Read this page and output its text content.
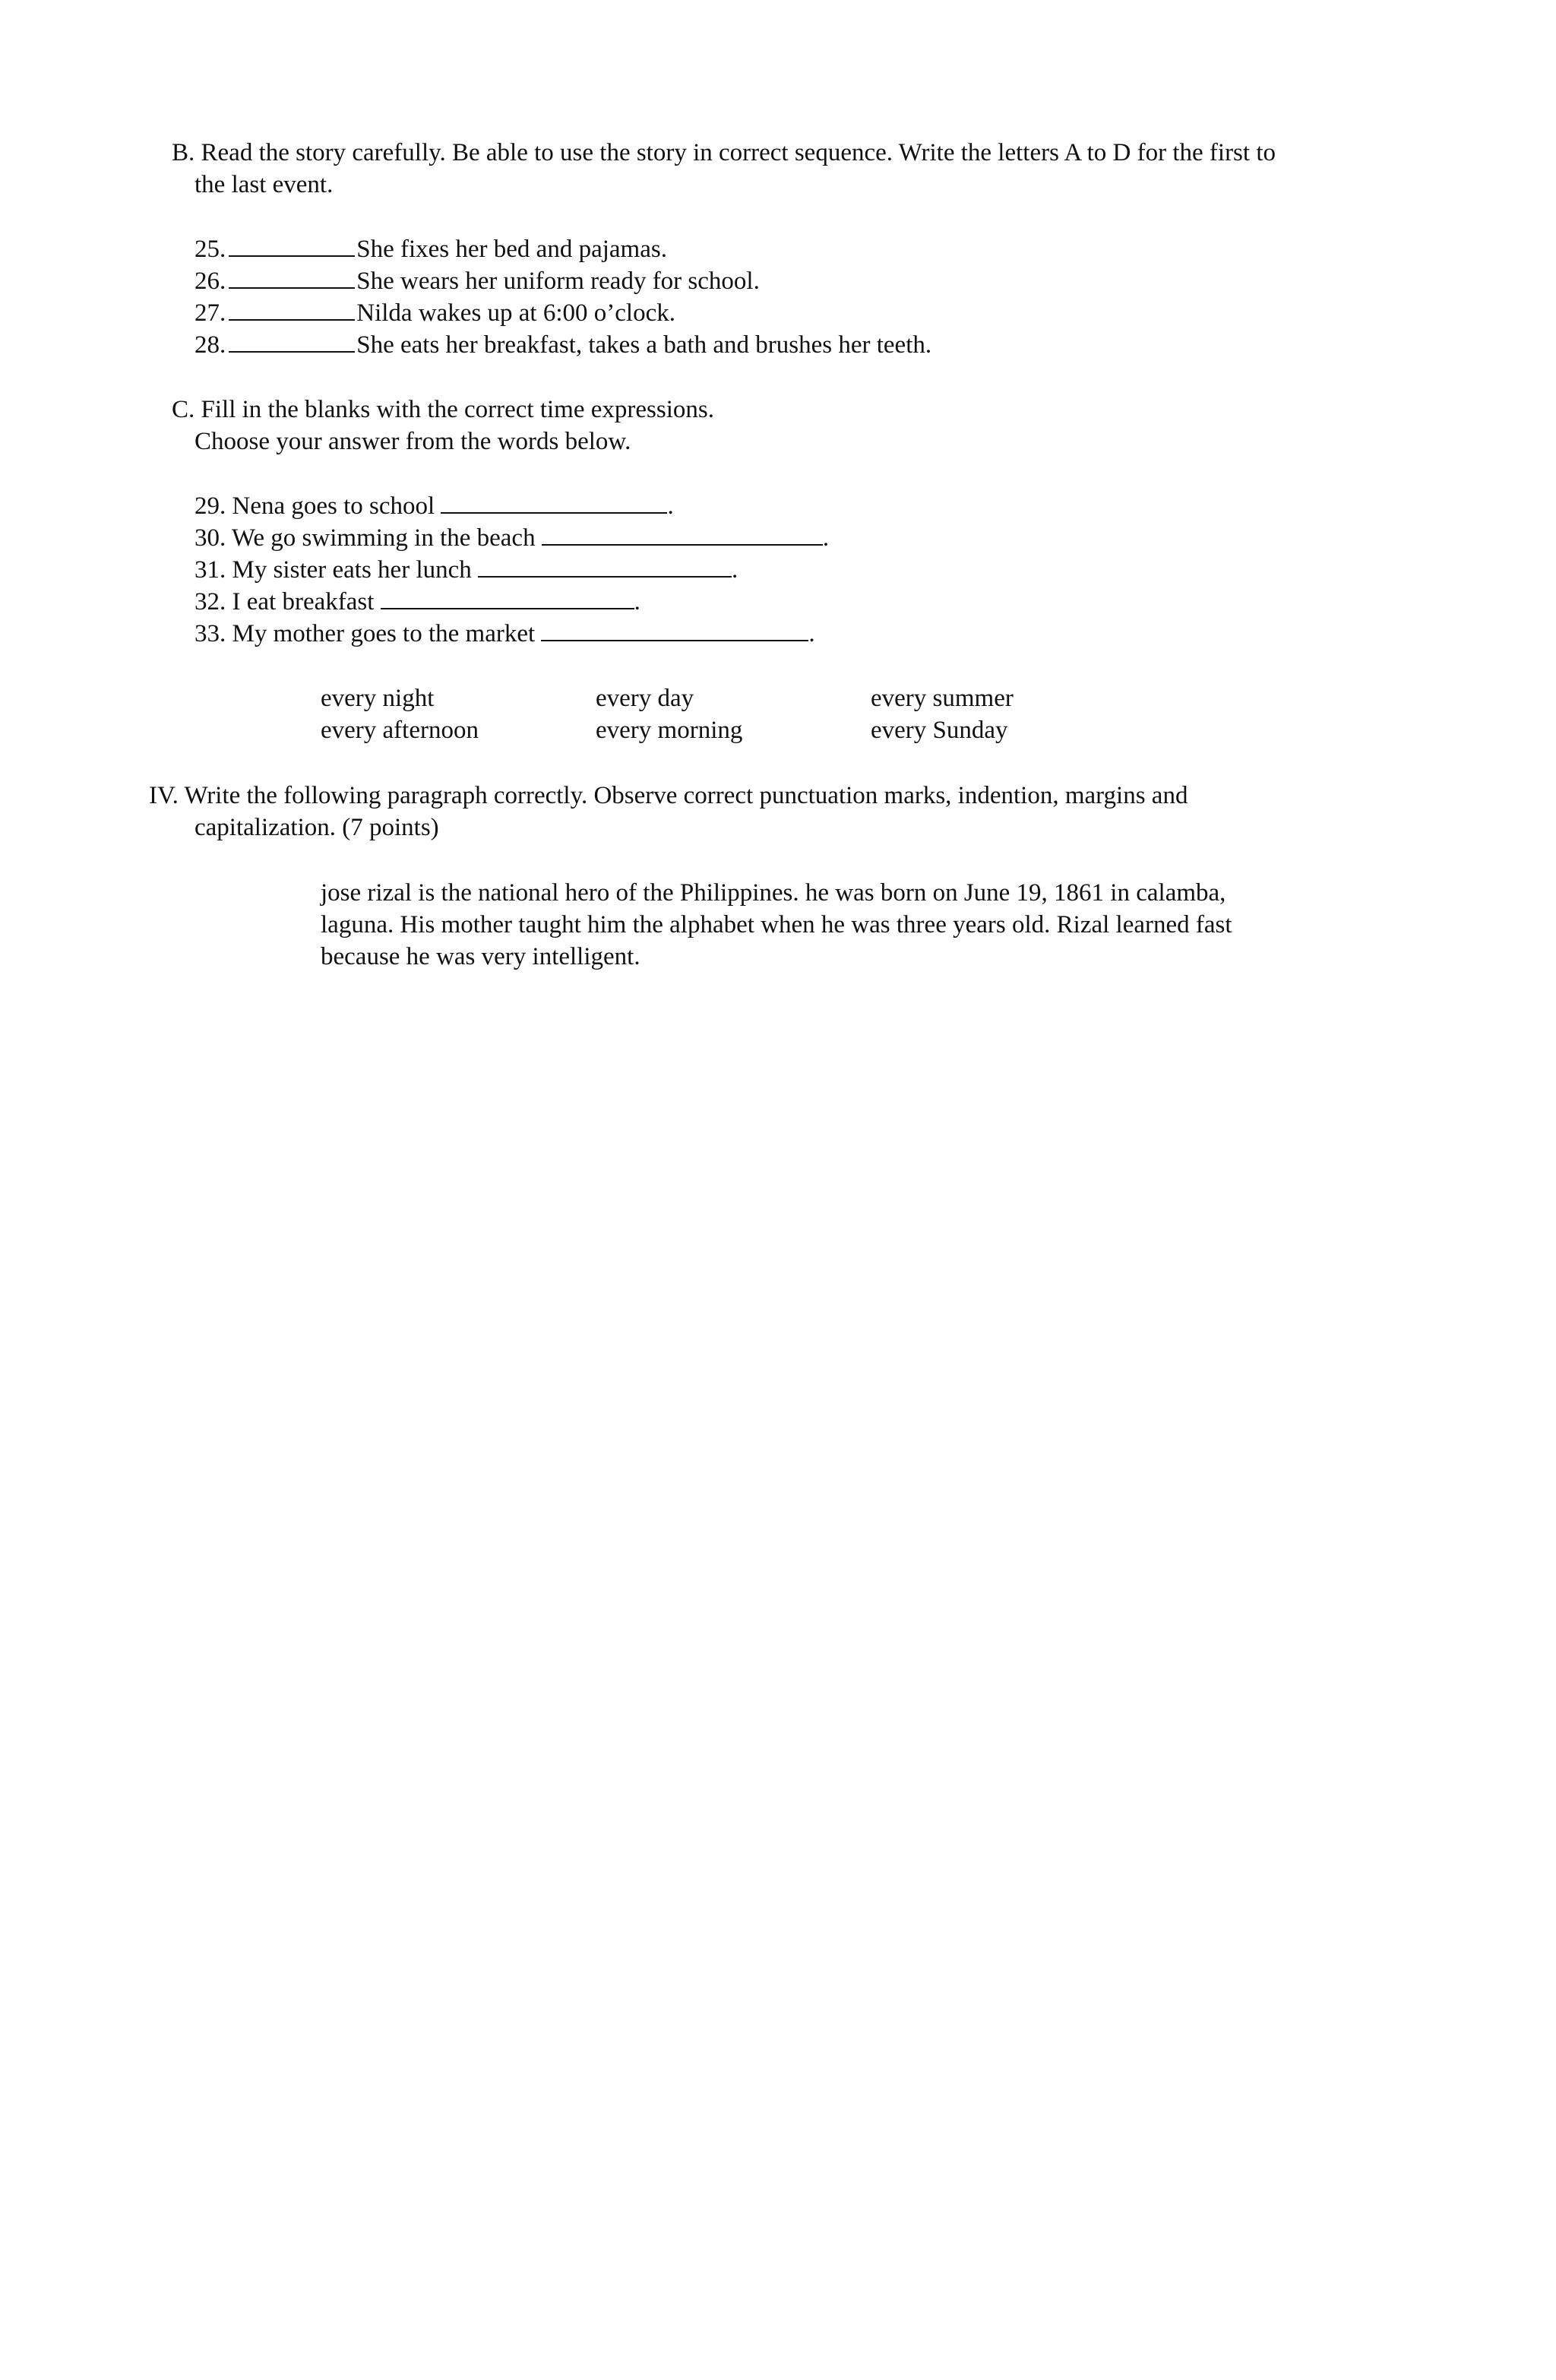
B. Read the story carefully. Be able to use the story in correct sequence. Write the letters A to D for the first to
the last event.
25.	She fixes her bed and pajamas.
26.	She wears her uniform ready for school.
27.	Nilda wakes up at 6:00 o’clock.
28.	She eats her breakfast, takes a bath and brushes her teeth.
C. Fill in the blanks with the correct time expressions.
Choose your answer from the words below.
29. Nena goes to school	.
30. We go swimming in the beach	.
31. My sister eats her lunch	.
32. I eat breakfast	.
33. My mother goes to the market	.
every night	every day	every summer
every afternoon	every morning	every Sunday
IV. Write the following paragraph correctly. Observe correct punctuation marks, indention, margins and
capitalization. (7 points)
jose rizal is the national hero of the Philippines. he was born on June 19, 1861 in calamba,
laguna. His mother taught him the alphabet when he was three years old. Rizal learned fast
because he was very intelligent.
